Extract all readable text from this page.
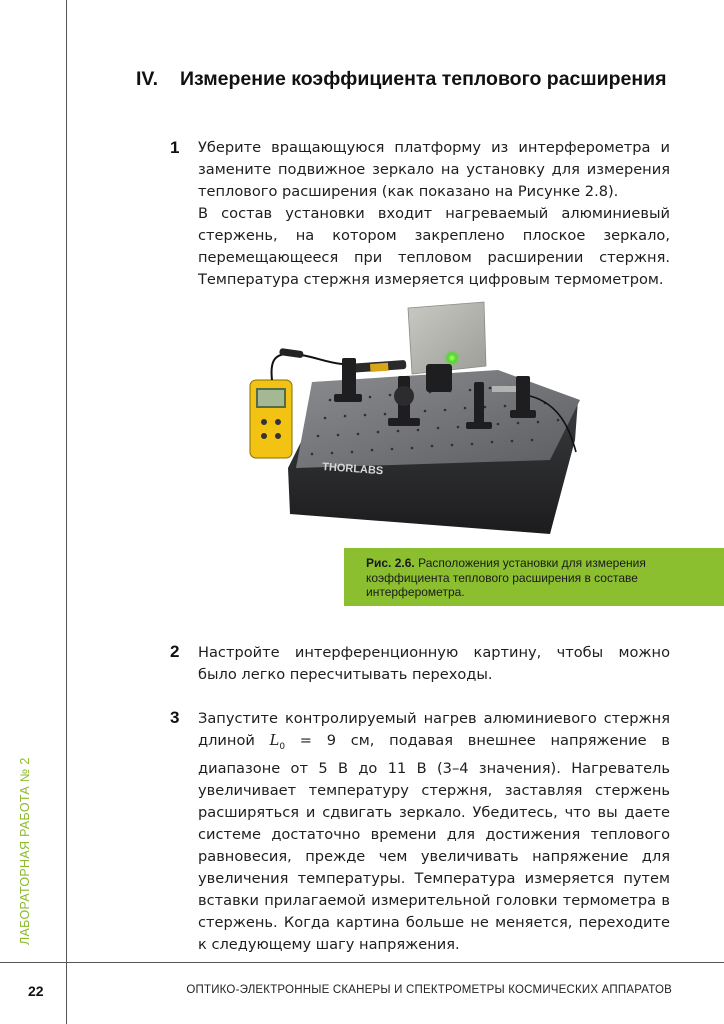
ЛАБОРАТОРНАЯ РАБОТА № 2
IV. Измерение коэффициента теплового расширения
1 Уберите вращающуюся платформу из интерферометра и замените подвижное зеркало на установку для измерения теплового расширения (как показано на Рисунке 2.8).

В состав установки входит нагреваемый алюминиевый стержень, на котором закреплено плоское зеркало, перемещающееся при тепловом расширении стержня. Температура стержня измеряется цифровым термометром.

THORLABS
Рис. 2.6. Расположения установки для измерения коэффициента теплового расширения в составе интерферометра.
2 Настройте интерференционную картину, чтобы можно было легко пересчитывать переходы.

3 Запустите контролируемый нагрев алюминиевого стержня длиной $L_0 = 9$ см, подавая внешнее напряжение в диапазоне от 5 В до 11 В (3–4 значения). Нагреватель увеличивает температуру стержня, заставляя стержень расширяться и сдвигать зеркало. Убедитесь, что вы даете системе достаточно времени для достижения теплового равновесия, прежде чем увеличивать напряжение для увеличения температуры. Температура измеряется путем вставки прилагаемой измерительной головки термометра в стержень. Когда картина больше не меняется, переходите к следующему шагу напряжения.

22	ОПТИКО-ЭЛЕКТРОННЫЕ СКАНЕРЫ И СПЕКТРОМЕТРЫ КОСМИЧЕСКИХ АППАРАТОВ
